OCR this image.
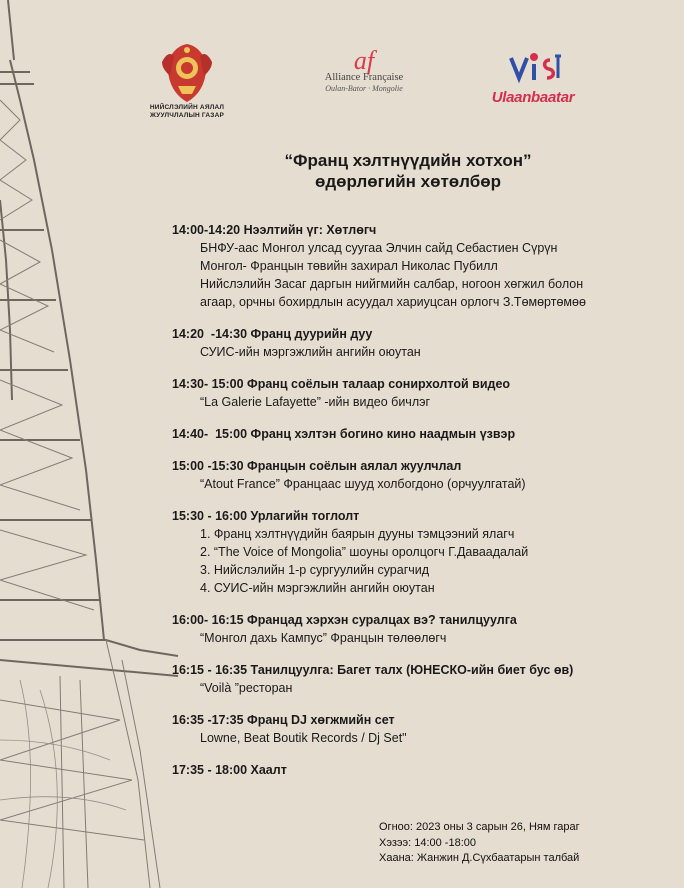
НИЙСЛЭЛИЙН АЯЛАЛ
ЖУУЛЧЛАЛЫН ГАЗАР
af
Alliance Française
Oulan-Bator · Mongolie
Ulaanbaatar
“Франц хэлтнүүдийн хотхон”
өдөрлөгийн хөтөлбөр
14:00-14:20 Нээлтийн үг: Хөтлөгч
БНФУ-аас Монгол улсад суугаа Элчин сайд Себастиен Сүрүн
Монгол- Францын төвийн захирал Николас Пубилл
Нийслэлийн Засаг даргын нийгмийн салбар, ногоон хөгжил болон
агаар, орчны бохирдлын асуудал хариуцсан орлогч З.Төмөртөмөө
14:20  -14:30 Франц дуурийн дуу
СУИС-ийн мэргэжлийн ангийн оюутан
14:30- 15:00 Франц соёлын талаар сонирхолтой видео
“La Galerie Lafayette” -ийн видео бичлэг
14:40-  15:00 Франц хэлтэн богино кино наадмын үзвэр
15:00 -15:30 Францын соёлын аялал жуулчлал
“Atout France” Францаас шууд холбогдоно (орчуулгатай)
15:30 - 16:00 Урлагийн тоглолт
1. Франц хэлтнүүдийн баярын дууны тэмцээний ялагч
2. “The Voice of Mongolia” шоуны оролцогч Г.Даваадалай
3. Нийслэлийн 1-р сургуулийн сурагчид
4. СУИС-ийн мэргэжлийн ангийн оюутан
16:00- 16:15 Францад хэрхэн суралцах вэ? танилцуулга
“Монгол дахь Кампус” Францын төлөөлөгч
16:15 - 16:35 Танилцуулга: Багет талх (ЮНЕСКО-ийн биет бус өв)
“Voilà ”ресторан
16:35 -17:35 Франц DJ хөгжмийн сет
Lowne, Beat Boutik Records / Dj Set"
17:35 - 18:00 Хаалт
Огноо: 2023 оны 3 сарын 26, Ням гараг
Хэзээ: 14:00 -18:00
Хаана: Жанжин Д.Сүхбаатарын талбай
